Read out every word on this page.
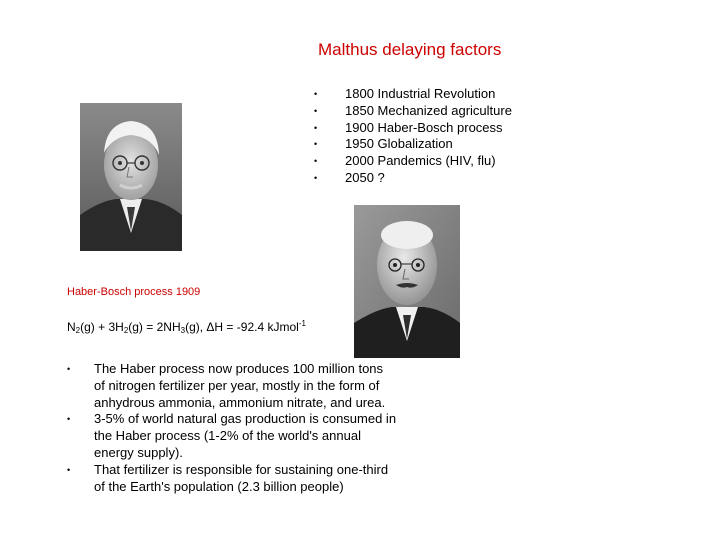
Malthus delaying factors
• 1800 Industrial Revolution
• 1850 Mechanized agriculture
• 1900 Haber-Bosch process
• 1950 Globalization
• 2000 Pandemics (HIV, flu)
• 2050 ?
Haber-Bosch process 1909
$N_2(g) + 3H_2(g) = 2NH_3(g)$, ΔH = -92.4 kJmol$^{-1}$
• The Haber process now produces 100 million tons of nitrogen fertilizer per year, mostly in the form of anhydrous ammonia, ammonium nitrate, and urea.
• 3-5% of world natural gas production is consumed in the Haber process (1-2% of the world's annual energy supply).
• That fertilizer is responsible for sustaining one-third of the Earth's population (2.3 billion people)
